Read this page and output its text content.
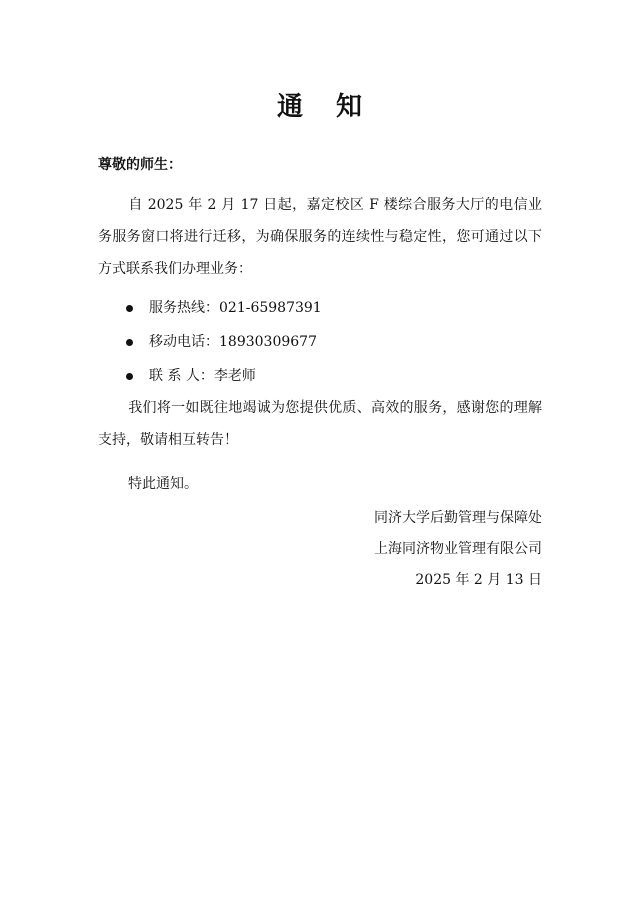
通 知
尊敬的师生：
自 2025 年 2 月 17 日起，嘉定校区 F 楼综合服务大厅的电信业务服务窗口将进行迁移，为确保服务的连续性与稳定性，您可通过以下方式联系我们办理业务：
服务热线：021-65987391
移动电话：18930309677
联 系 人：李老师
我们将一如既往地竭诚为您提供优质、高效的服务，感谢您的理解支持，敬请相互转告！
特此通知。
同济大学后勤管理与保障处
上海同济物业管理有限公司
2025 年 2 月 13 日
